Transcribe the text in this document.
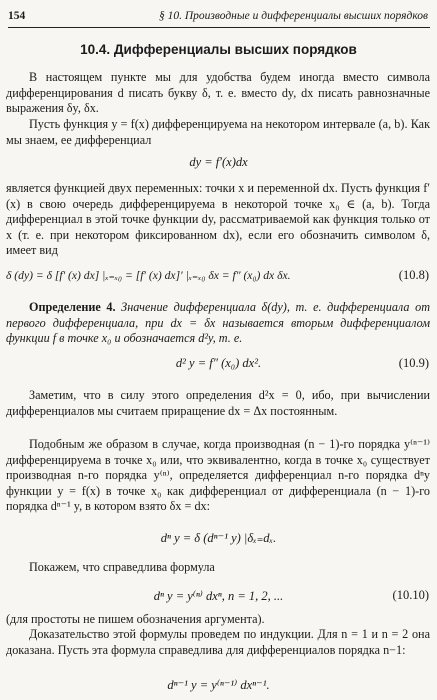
154	§ 10. Производные и дифференциалы высших порядков
10.4. Дифференциалы высших порядков
В настоящем пункте мы для удобства будем иногда вместо символа дифференцирования d писать букву δ, т. е. вместо dy, dx писать равнозначные выражения δy, δx.
Пусть функция y = f(x) дифференцируема на некотором интервале (a, b). Как мы знаем, ее дифференциал
dy = f′(x)dx
является функцией двух переменных: точки x и переменной dx. Пусть функция f′(x) в свою очередь дифференцируема в некоторой точке x₀ ∈ (a, b). Тогда дифференциал в этой точке функции dy, рассматриваемой как функция только от x (т. е. при некотором фиксированном dx), если его обозначить символом δ, имеет вид
δ (dy) = δ [f′ (x) dx] |ₓ₌ₓ₀ = [f′ (x) dx]′ |ₓ₌ₓ₀ δx = f″ (x₀) dx δx.	(10.8)
Определение 4. Значение дифференциала δ(dy), т. е. дифференциала от первого дифференциала, при dx = δx называется вторым дифференциалом функции f в точке x₀ и обозначается d²y, т. е.
d² y = f″ (x₀) dx².	(10.9)
Заметим, что в силу этого определения d²x = 0, ибо, при вычислении дифференциалов мы считаем приращение dx = Δx постоянным.
Подобным же образом в случае, когда производная (n − 1)-го порядка y⁽ⁿ⁻¹⁾ дифференцируема в точке x₀ или, что эквивалентно, когда в точке x₀ существует производная n-го порядка y⁽ⁿ⁾, определяется дифференциал n-го порядка dⁿy функции y = f(x) в точке x₀ как дифференциал от дифференциала (n − 1)-го порядка dⁿ⁻¹ y, в котором взято δx = dx:
dⁿ y = δ (dⁿ⁻¹ y) |δₓ₌dₓ.
Покажем, что справедлива формула
dⁿ y = y⁽ⁿ⁾ dxⁿ, n = 1, 2, ...	(10.10)
(для простоты не пишем обозначения аргумента).
Доказательство этой формулы проведем по индукции. Для n = 1 и n = 2 она доказана. Пусть эта формула справедлива для дифференциалов порядка n−1:
dⁿ⁻¹ y = y⁽ⁿ⁻¹⁾ dxⁿ⁻¹.
